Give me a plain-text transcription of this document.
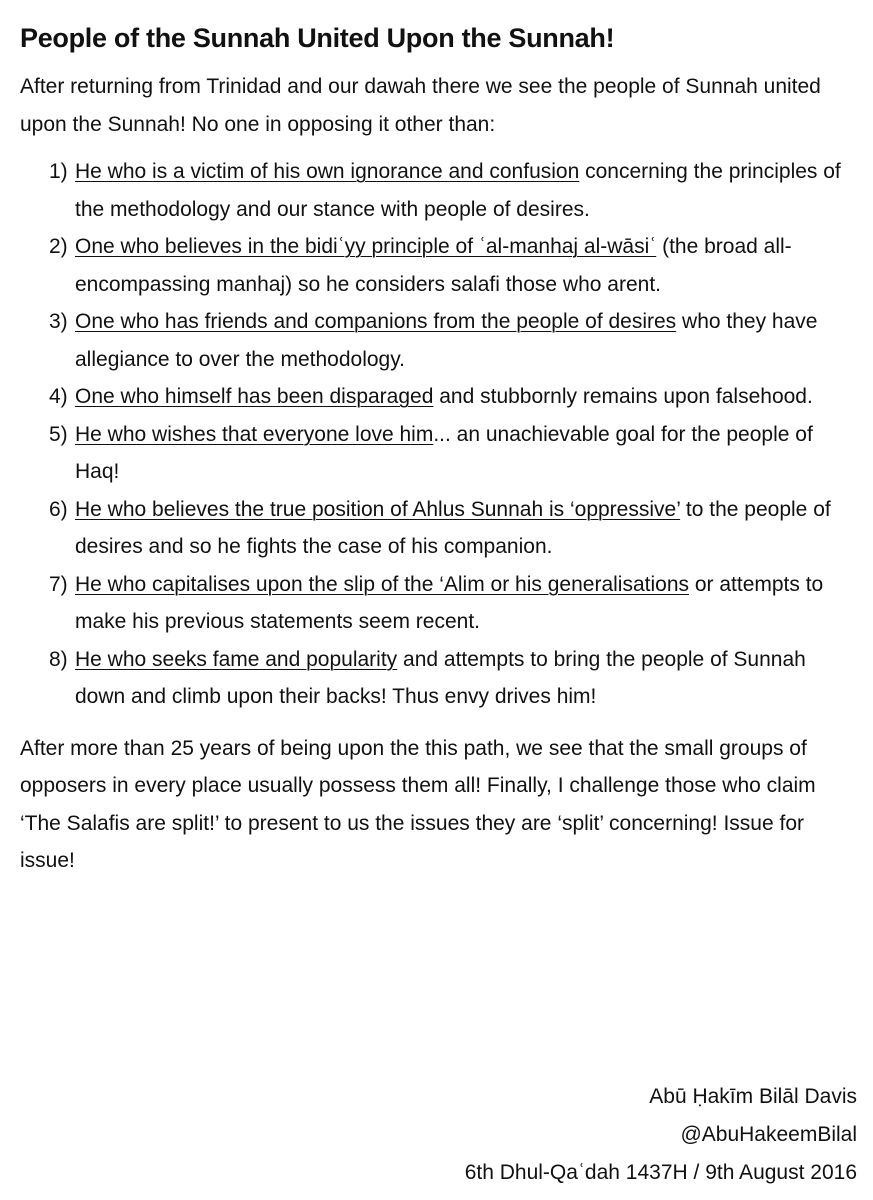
People of the Sunnah United Upon the Sunnah!

After returning from Trinidad and our dawah there we see the people of Sunnah united upon the Sunnah! No one in opposing it other than:

1) He who is a victim of his own ignorance and confusion concerning the principles of the methodology and our stance with people of desires.
2) One who believes in the bidiʿyy principle of ʿal-manhaj al-wāsiʿ (the broad all-encompassing manhaj) so he considers salafi those who arent.
3) One who has friends and companions from the people of desires who they have allegiance to over the methodology.
4) One who himself has been disparaged and stubbornly remains upon falsehood.
5) He who wishes that everyone love him... an unachievable goal for the people of Haq!
6) He who believes the true position of Ahlus Sunnah is ‘oppressive’ to the people of desires and so he fights the case of his companion.
7) He who capitalises upon the slip of the ‘Alim or his generalisations or attempts to make his previous statements seem recent.
8) He who seeks fame and popularity and attempts to bring the people of Sunnah down and climb upon their backs! Thus envy drives him!

After more than 25 years of being upon the this path, we see that the small groups of opposers in every place usually possess them all! Finally, I challenge those who claim ‘The Salafis are split!’ to present to us the issues they are ‘split’ concerning! Issue for issue!

Abū Ḥakīm Bilāl Davis
@AbuHakeemBilal
6th Dhul-Qaʿdah 1437H / 9th August 2016
